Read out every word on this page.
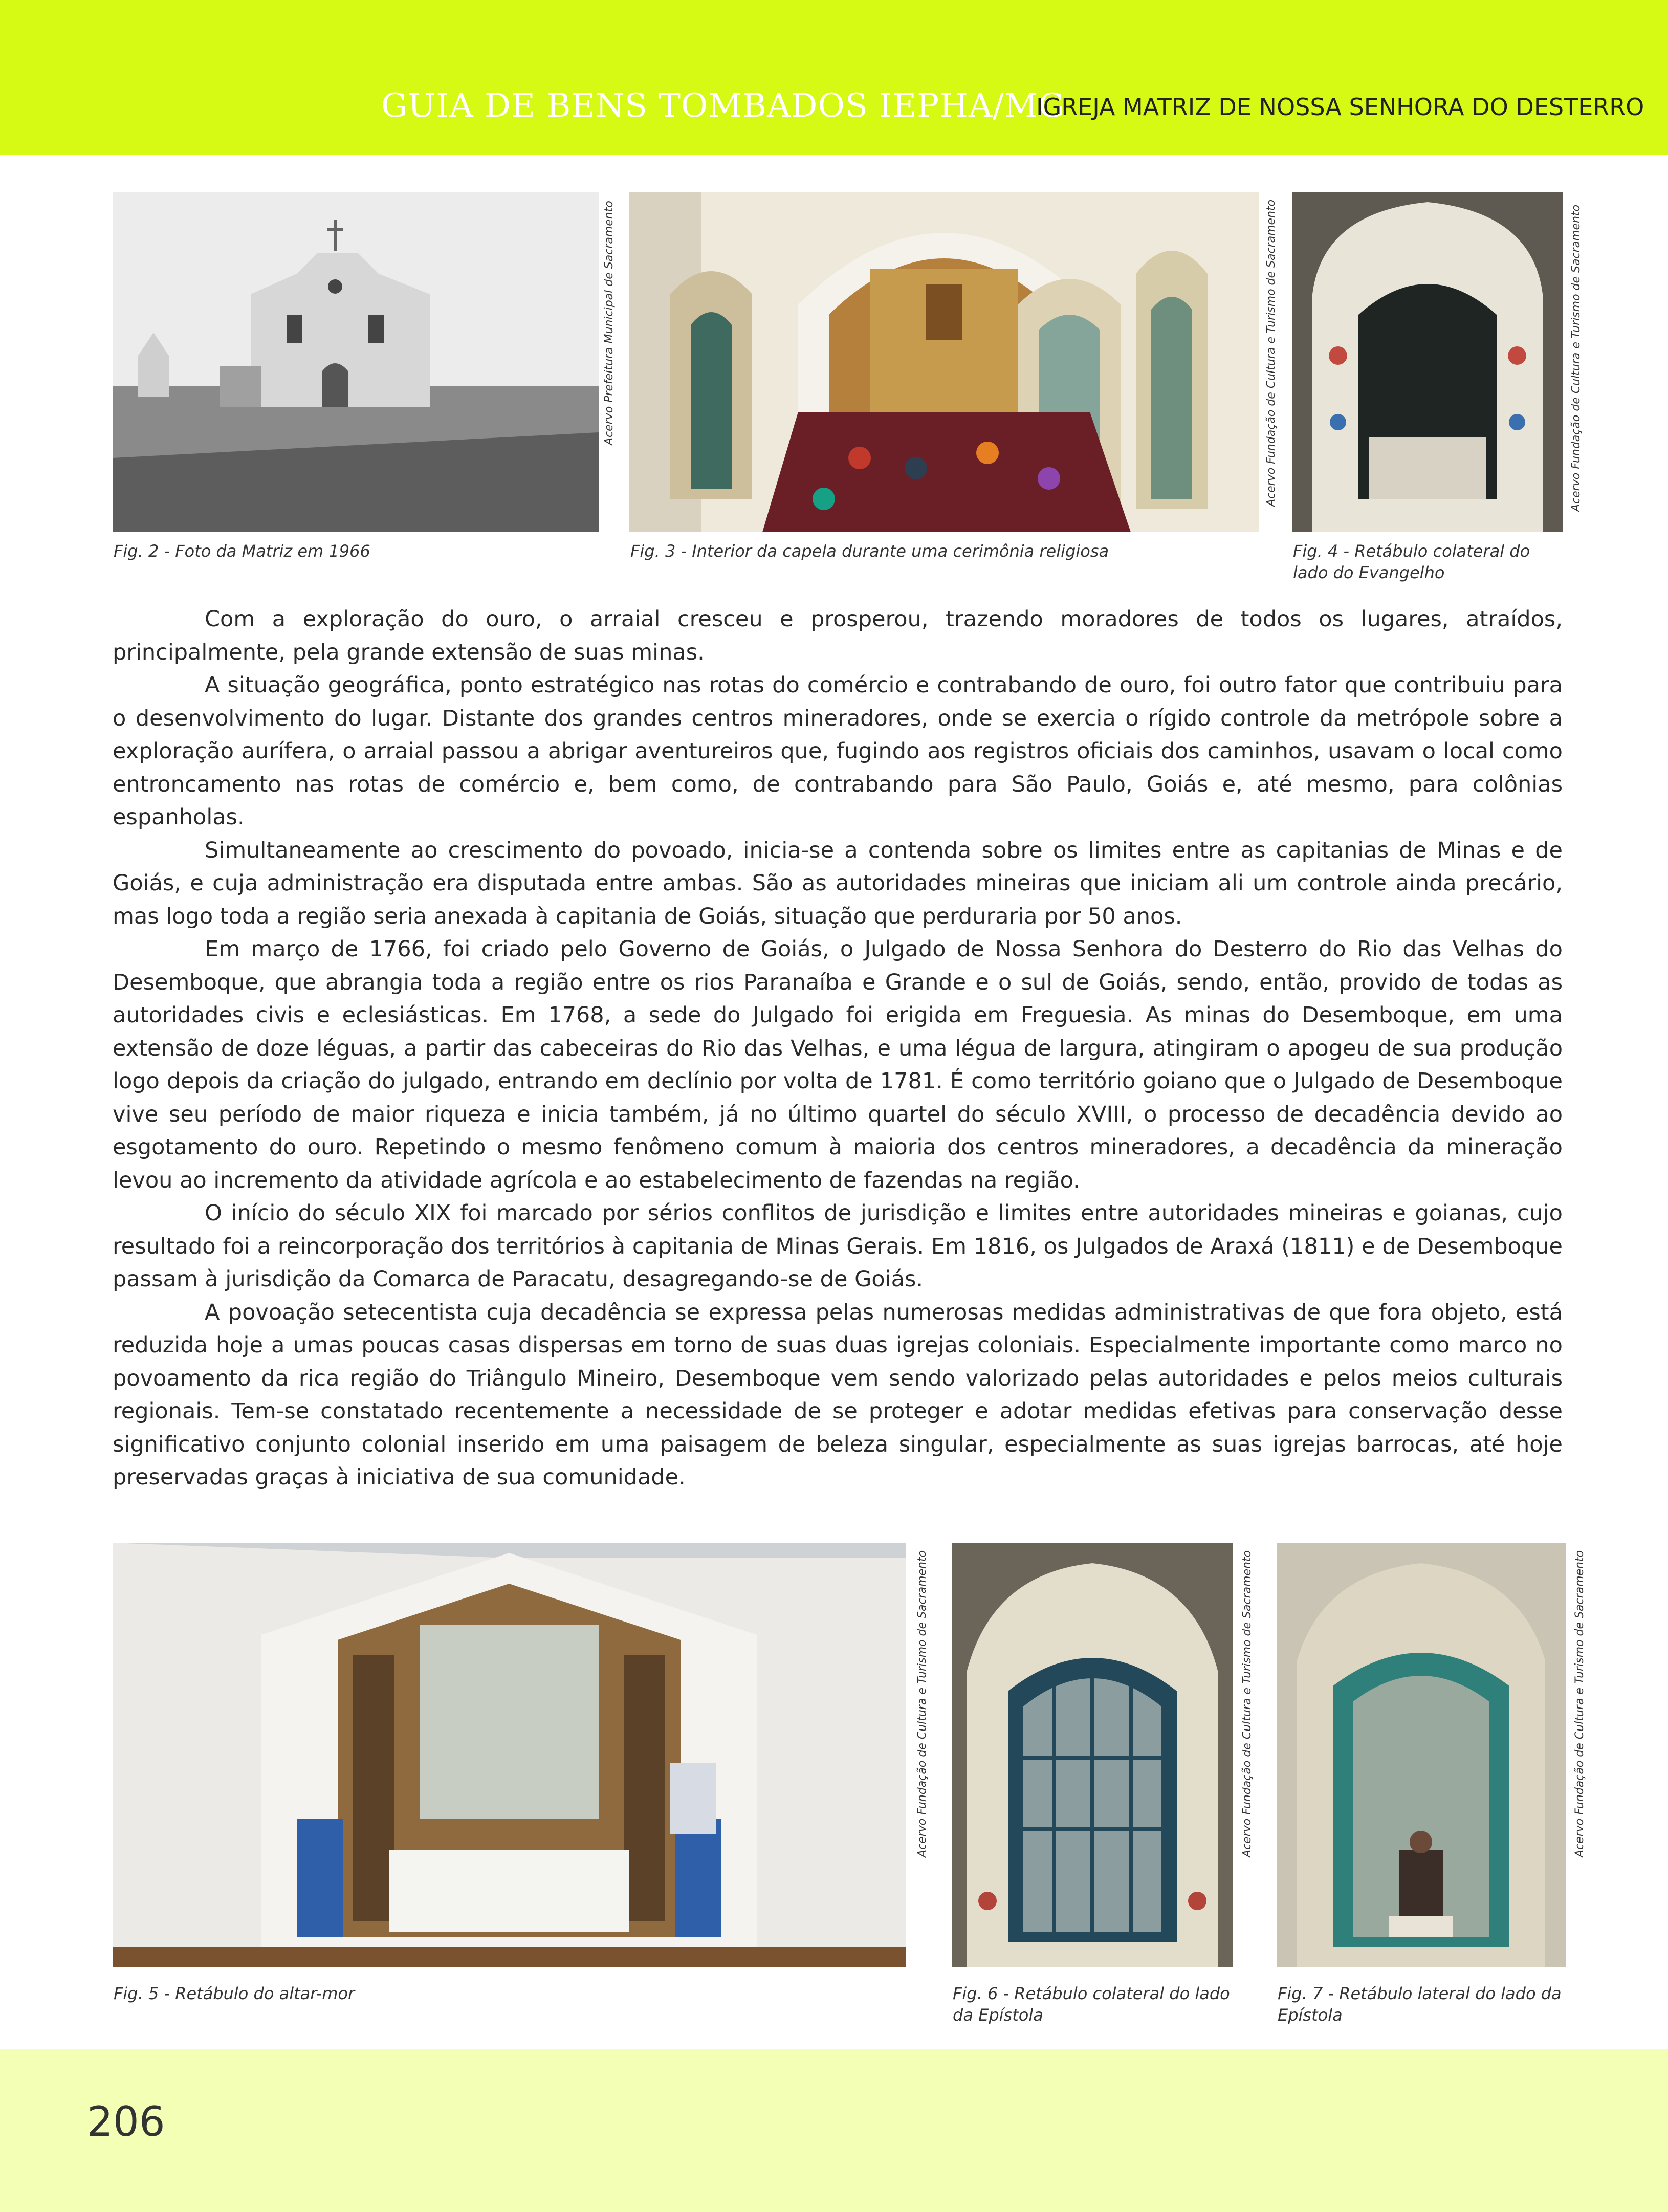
GUIA DE BENS TOMBADOS IEPHA/MG
IGREJA MATRIZ DE NOSSA SENHORA DO DESTERRO
Acervo Prefeitura Municipal de Sacramento
Fig. 2 - Foto da Matriz em 1966
Acervo Fundação de Cultura e Turismo de Sacramento
Fig. 3 - Interior da capela durante uma cerimônia religiosa
Acervo Fundação de Cultura e Turismo de Sacramento
Fig. 4 - Retábulo colateral do lado do Evangelho

Com a exploração do ouro, o arraial cresceu e prosperou, trazendo moradores de todos os lugares, atraídos, principalmente, pela grande extensão de suas minas.

A situação geográfica, ponto estratégico nas rotas do comércio e contrabando de ouro, foi outro fator que contribuiu para o desenvolvimento do lugar. Distante dos grandes centros mineradores, onde se exercia o rígido controle da metrópole sobre a exploração aurífera, o arraial passou a abrigar aventureiros que, fugindo aos registros oficiais dos caminhos, usavam o local como entroncamento nas rotas de comércio e, bem como, de contrabando para São Paulo, Goiás e, até mesmo, para colônias espanholas.

Simultaneamente ao crescimento do povoado, inicia-se a contenda sobre os limites entre as capitanias de Minas e de Goiás, e cuja administração era disputada entre ambas. São as autoridades mineiras que iniciam ali um controle ainda precário, mas logo toda a região seria anexada à capitania de Goiás, situação que perduraria por 50 anos.

Em março de 1766, foi criado pelo Governo de Goiás, o Julgado de Nossa Senhora do Desterro do Rio das Velhas do Desemboque, que abrangia toda a região entre os rios Paranaíba e Grande e o sul de Goiás, sendo, então, provido de todas as autoridades civis e eclesiásticas. Em 1768, a sede do Julgado foi erigida em Freguesia. As minas do Desemboque, em uma extensão de doze léguas, a partir das cabeceiras do Rio das Velhas, e uma légua de largura, atingiram o apogeu de sua produção logo depois da criação do julgado, entrando em declínio por volta de 1781. É como território goiano que o Julgado de Desemboque vive seu período de maior riqueza e inicia também, já no último quartel do século XVIII, o processo de decadência devido ao esgotamento do ouro. Repetindo o mesmo fenômeno comum à maioria dos centros mineradores, a decadência da mineração levou ao incremento da atividade agrícola e ao estabelecimento de fazendas na região.

O início do século XIX foi marcado por sérios conflitos de jurisdição e limites entre autoridades mineiras e goianas, cujo resultado foi a reincorporação dos territórios à capitania de Minas Gerais. Em 1816, os Julgados de Araxá (1811) e de Desemboque passam à jurisdição da Comarca de Paracatu, desagregando-se de Goiás.

A povoação setecentista cuja decadência se expressa pelas numerosas medidas administrativas de que fora objeto, está reduzida hoje a umas poucas casas dispersas em torno de suas duas igrejas coloniais. Especialmente importante como marco no povoamento da rica região do Triângulo Mineiro, Desemboque vem sendo valorizado pelas autoridades e pelos meios culturais regionais. Tem-se constatado recentemente a necessidade de se proteger e adotar medidas efetivas para conservação desse significativo conjunto colonial inserido em uma paisagem de beleza singular, especialmente as suas igrejas barrocas, até hoje preservadas graças à iniciativa de sua comunidade.

Acervo Fundação de Cultura e Turismo de Sacramento
Fig. 5 - Retábulo do altar-mor
Acervo Fundação de Cultura e Turismo de Sacramento
Fig. 6 - Retábulo colateral do lado da Epístola
Acervo Fundação de Cultura e Turismo de Sacramento
Fig. 7 - Retábulo lateral do lado da Epístola
206
